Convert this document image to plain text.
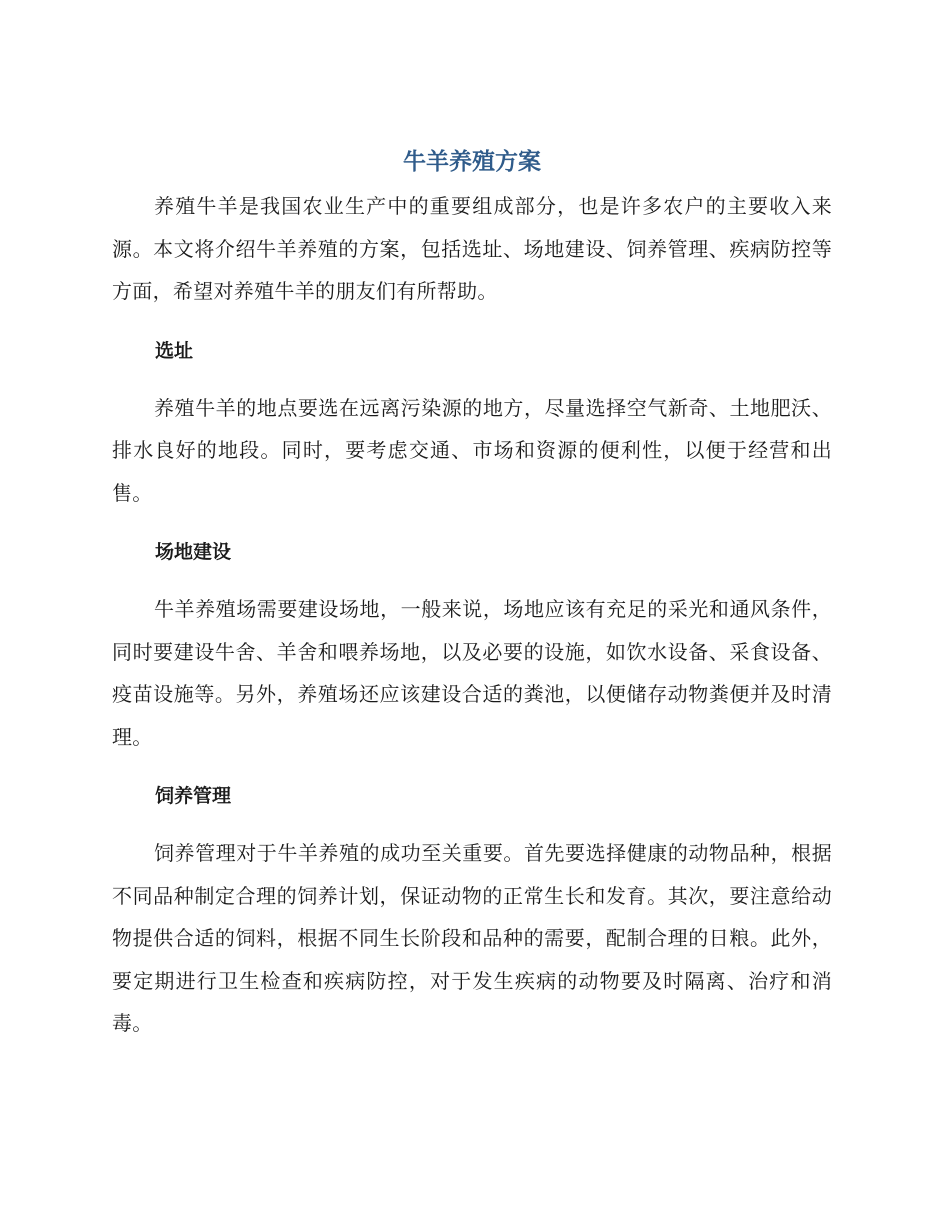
牛羊养殖方案

养殖牛羊是我国农业生产中的重要组成部分，也是许多农户的主要收入来源。本文将介绍牛羊养殖的方案，包括选址、场地建设、饲养管理、疾病防控等方面，希望对养殖牛羊的朋友们有所帮助。

选址

养殖牛羊的地点要选在远离污染源的地方，尽量选择空气新奇、土地肥沃、排水良好的地段。同时，要考虑交通、市场和资源的便利性，以便于经营和出售。

场地建设

牛羊养殖场需要建设场地，一般来说，场地应该有充足的采光和通风条件，同时要建设牛舍、羊舍和喂养场地，以及必要的设施，如饮水设备、采食设备、疫苗设施等。另外，养殖场还应该建设合适的粪池，以便储存动物粪便并及时清理。

饲养管理

饲养管理对于牛羊养殖的成功至关重要。首先要选择健康的动物品种，根据不同品种制定合理的饲养计划，保证动物的正常生长和发育。其次，要注意给动物提供合适的饲料，根据不同生长阶段和品种的需要，配制合理的日粮。此外，要定期进行卫生检查和疾病防控，对于发生疾病的动物要及时隔离、治疗和消毒。
